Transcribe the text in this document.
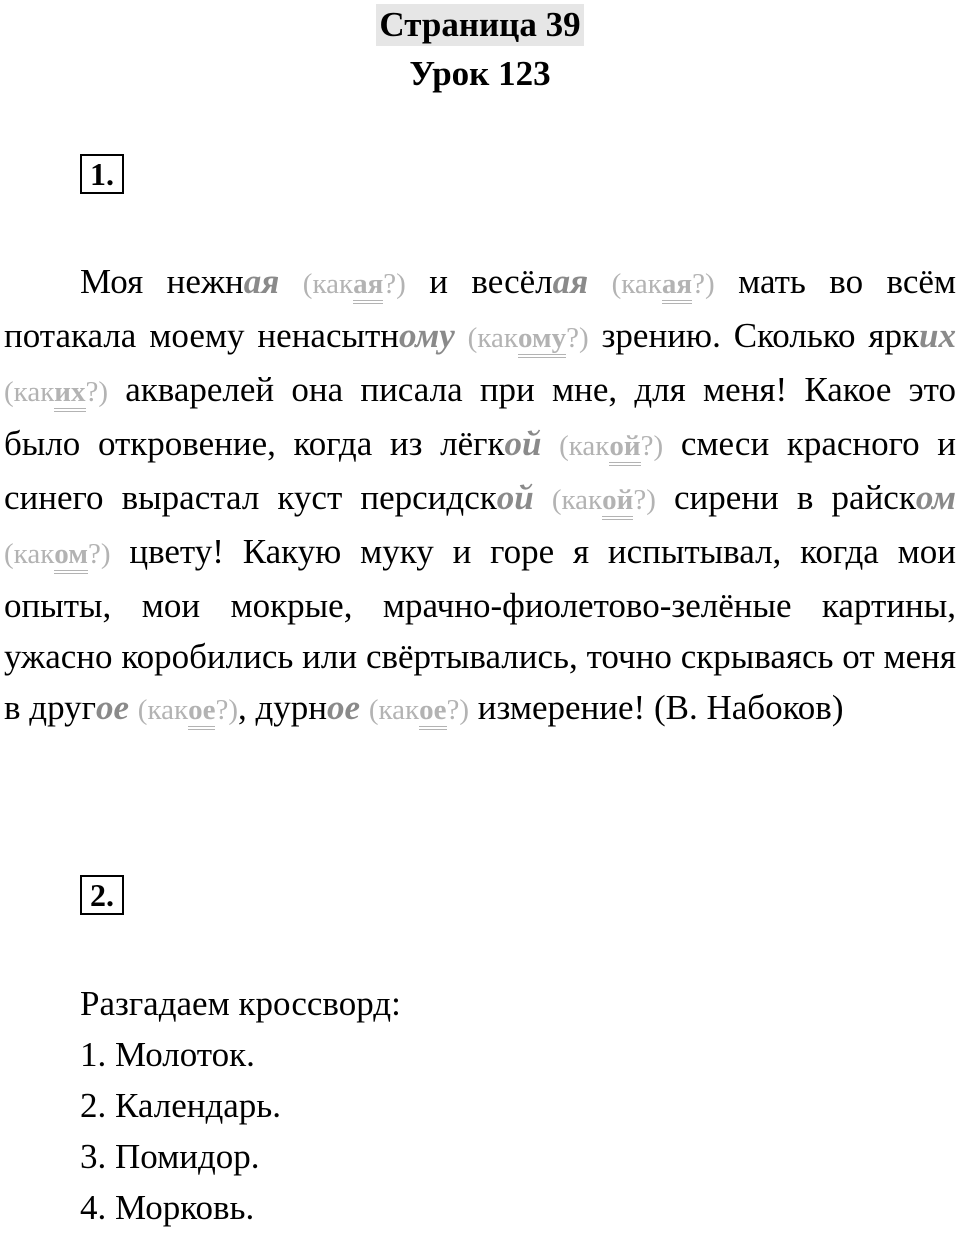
Страница 39
Урок 123
1.

Моя нежная (какая?) и весёлая (какая?) мать во всём потакала моему ненасытному (какому?) зрению. Сколько ярких (каких?) акварелей она писала при мне, для меня! Какое это было откровение, когда из лёгкой (какой?) смеси красного и синего вырастал куст персидской (какой?) сирени в райском (каком?) цвету! Какую муку и горе я испытывал, когда мои опыты, мои мокрые, мрачно-фиолетово-зелёные картины, ужасно коробились или свёртывались, точно скрываясь от меня в другое (какое?), дурное (какое?) измерение! (В. Набоков)

2.
Разгадаем кроссворд:
1. Молоток.
2. Календарь.
3. Помидор.
4. Морковь.
